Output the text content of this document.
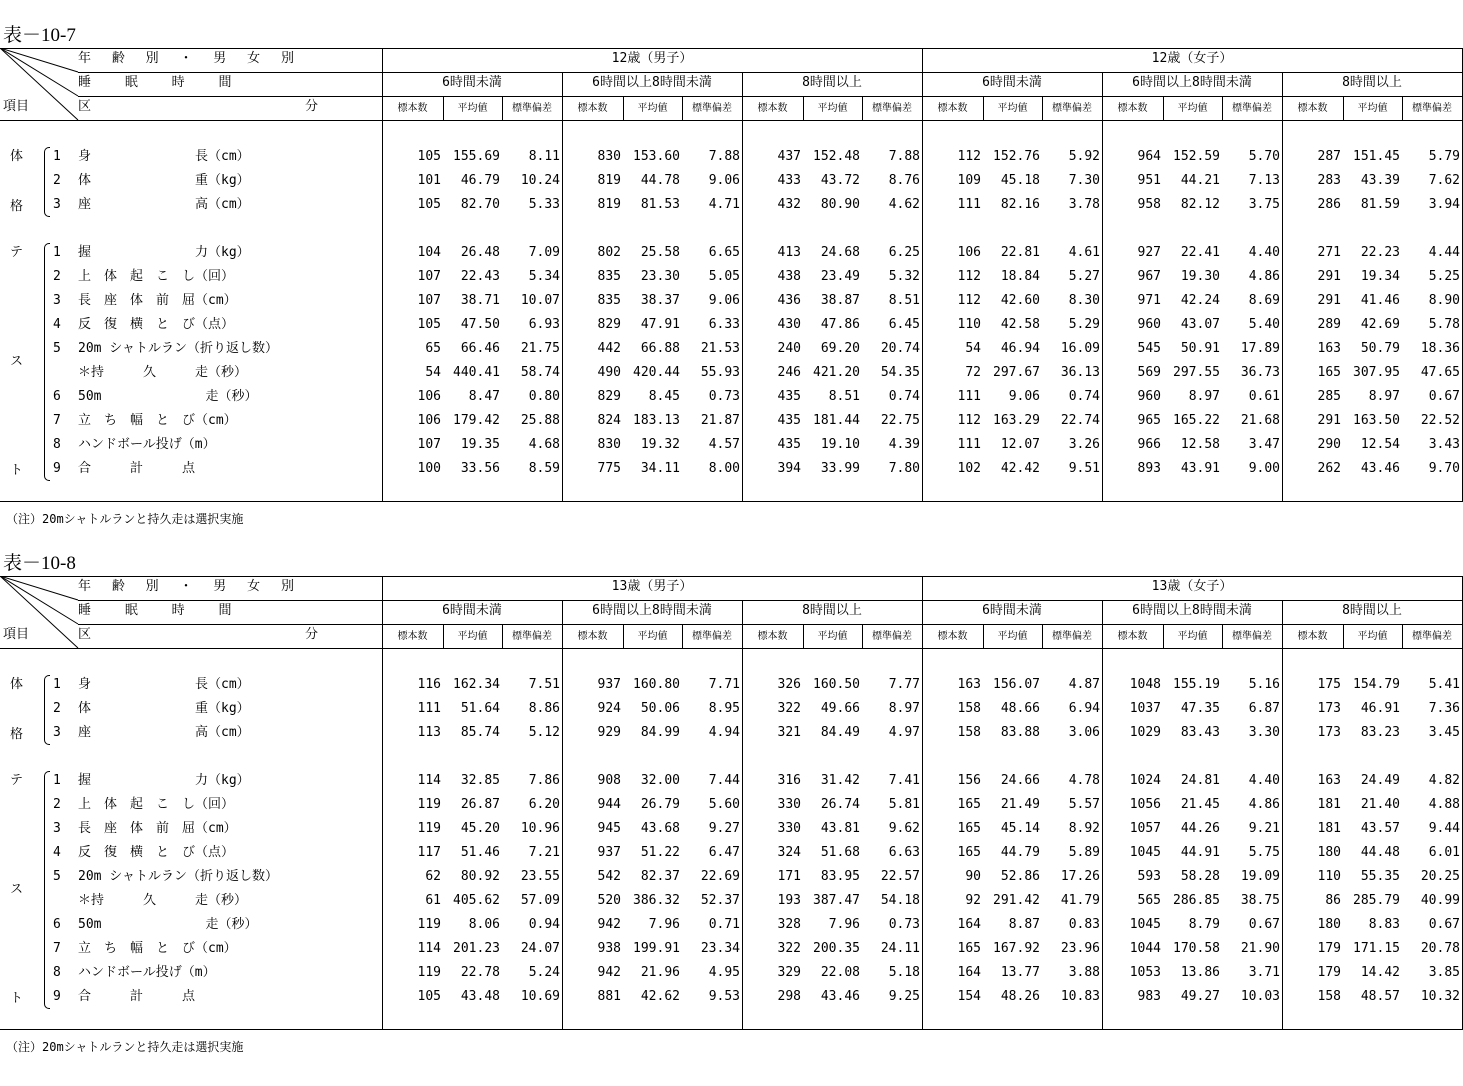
表－10-7
年　 齢　 別　 ・　 男　 女　 別
睡　　 眠　　 時　　 間
項目	区	分
12歳（男子）	12歳（女子）
6時間未満	6時間以上8時間未満	8時間以上	6時間未満	6時間以上8時間未満	8時間以上
標本数	平均値	標準偏差	標本数	平均値	標準偏差	標本数	平均値	標準偏差	標本数	平均値	標準偏差	標本数	平均値	標準偏差	標本数	平均値	標準偏差
1	身　　　　　　　　長（cm）	105 155.69	8.11	830 153.60	7.88	437 152.48	7.88	112 152.76	5.92	964 152.59	5.70	287 151.45	5.79
2	体　　　　　　　　重（kg）	101	46.79	10.24	819	44.78	9.06	433	43.72	8.76	109	45.18	7.30	951	44.21	7.13	283	43.39	7.62
3	座　　　　　　　　高（cm）	105	82.70	5.33	819	81.53	4.71	432	80.90	4.62	111	82.16	3.78	958	82.12	3.75	286	81.59	3.94
体
格
1	握　　　　　　　　力（kg）	104	26.48	7.09	802	25.58	6.65	413	24.68	6.25	106	22.81	4.61	927	22.41	4.40	271	22.23	4.44
2	上　体　起　こ　し（回）	107	22.43	5.34	835	23.30	5.05	438	23.49	5.32	112	18.84	5.27	967	19.30	4.86	291	19.34	5.25
3	長　座　体　前　屈（cm）	107	38.71	10.07	835	38.37	9.06	436	38.87	8.51	112	42.60	8.30	971	42.24	8.69	291	41.46	8.90
4	反　復　横　と　び（点）	105	47.50	6.93	829	47.91	6.33	430	47.86	6.45	110	42.58	5.29	960	43.07	5.40	289	42.69	5.78
5	20m シャトルラン（折り返し数）	65	66.46	21.75	442	66.88	21.53	240	69.20	20.74	54	46.94	16.09	545	50.91	17.89	163	50.79	18.36
＊持　　　久　　　走（秒）	54 440.41	58.74	490 420.44	55.93	246 421.20	54.35	72 297.67	36.13	569 297.55	36.73	165 307.95	47.65
6	50m　　　　　　　　走（秒）	106	8.47	0.80	829	8.45	0.73	435	8.51	0.74	111	9.06	0.74	960	8.97	0.61	285	8.97	0.67
7	立　ち　幅　と　び（cm）	106 179.42	25.88	824 183.13	21.87	435 181.44	22.75	112 163.29	22.74	965 165.22	21.68	291 163.50	22.52
8	ハンドボール投げ（m）	107	19.35	4.68	830	19.32	4.57	435	19.10	4.39	111	12.07	3.26	966	12.58	3.47	290	12.54	3.43
9	合　　　計　　　点	100	33.56	8.59	775	34.11	8.00	394	33.99	7.80	102	42.42	9.51	893	43.91	9.00	262	43.46	9.70
テ
ス
ト
（注）20mシャトルランと持久走は選択実施
表－10-8
年　 齢　 別　 ・　 男　 女　 別
睡　　 眠　　 時　　 間
項目	区	分
13歳（男子）	13歳（女子）
6時間未満	6時間以上8時間未満	8時間以上	6時間未満	6時間以上8時間未満	8時間以上
標本数	平均値	標準偏差	標本数	平均値	標準偏差	標本数	平均値	標準偏差	標本数	平均値	標準偏差	標本数	平均値	標準偏差	標本数	平均値	標準偏差
1	身　　　　　　　　長（cm）	116 162.34	7.51	937 160.80	7.71	326 160.50	7.77	163 156.07	4.87	1048 155.19	5.16	175 154.79	5.41
2	体　　　　　　　　重（kg）	111	51.64	8.86	924	50.06	8.95	322	49.66	8.97	158	48.66	6.94	1037	47.35	6.87	173	46.91	7.36
3	座　　　　　　　　高（cm）	113	85.74	5.12	929	84.99	4.94	321	84.49	4.97	158	83.88	3.06	1029	83.43	3.30	173	83.23	3.45
体
格
1	握　　　　　　　　力（kg）	114	32.85	7.86	908	32.00	7.44	316	31.42	7.41	156	24.66	4.78	1024	24.81	4.40	163	24.49	4.82
2	上　体　起　こ　し（回）	119	26.87	6.20	944	26.79	5.60	330	26.74	5.81	165	21.49	5.57	1056	21.45	4.86	181	21.40	4.88
3	長　座　体　前　屈（cm）	119	45.20	10.96	945	43.68	9.27	330	43.81	9.62	165	45.14	8.92	1057	44.26	9.21	181	43.57	9.44
4	反　復　横　と　び（点）	117	51.46	7.21	937	51.22	6.47	324	51.68	6.63	165	44.79	5.89	1045	44.91	5.75	180	44.48	6.01
5	20m シャトルラン（折り返し数）	62	80.92	23.55	542	82.37	22.69	171	83.95	22.57	90	52.86	17.26	593	58.28	19.09	110	55.35	20.25
＊持　　　久　　　走（秒）	61 405.62	57.09	520 386.32	52.37	193 387.47	54.18	92 291.42	41.79	565 286.85	38.75	86 285.79	40.99
6	50m　　　　　　　　走（秒）	119	8.06	0.94	942	7.96	0.71	328	7.96	0.73	164	8.87	0.83	1045	8.79	0.67	180	8.83	0.67
7	立　ち　幅　と　び（cm）	114 201.23	24.07	938 199.91	23.34	322 200.35	24.11	165 167.92	23.96	1044 170.58	21.90	179 171.15	20.78
8	ハンドボール投げ（m）	119	22.78	5.24	942	21.96	4.95	329	22.08	5.18	164	13.77	3.88	1053	13.86	3.71	179	14.42	3.85
9	合　　　計　　　点	105	43.48	10.69	881	42.62	9.53	298	43.46	9.25	154	48.26	10.83	983	49.27	10.03	158	48.57	10.32
テ
ス
ト
（注）20mシャトルランと持久走は選択実施
